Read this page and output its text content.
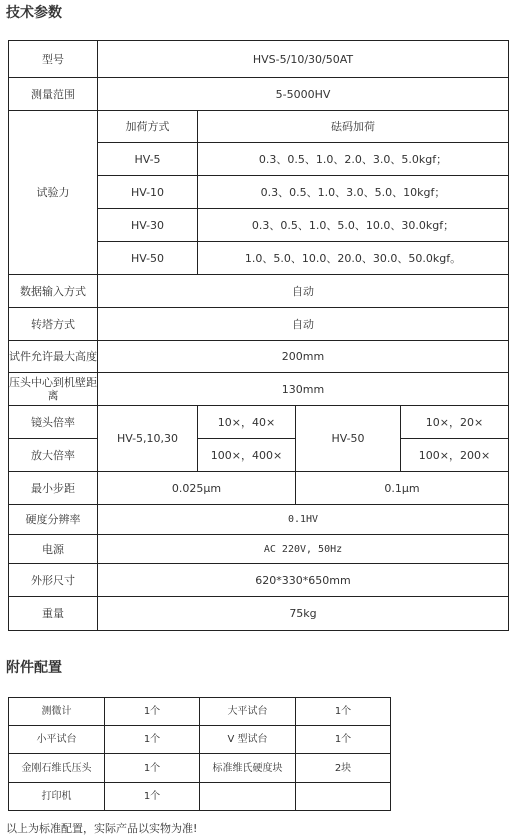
技术参数
型号	HVS-5/10/30/50AT			
测量范围	5-5000HV			
试验力	加荷方式	砝码加荷		
	HV-5	0.3、0.5、1.0、2.0、3.0、5.0kgf；		
	HV-10	0.3、0.5、1.0、3.0、5.0、10kgf；		
	HV-30	0.3、0.5、1.0、5.0、10.0、30.0kgf；		
	HV-50	1.0、5.0、10.0、20.0、30.0、50.0kgf。		
数据输入方式	自动			
转塔方式	自动			
试件允许最大高度	200mm			
压头中心到机壁距离	130mm			
镜头倍率	HV-5,10,30	10×，40×	HV-50	10×，20×
放大倍率		100×，400×		100×，200×
最小步距	0.025μm		0.1μm	
硬度分辨率	0.1HV			
电源	AC 220V, 50Hz			
外形尺寸	620*330*650mm			
重量	75kg			
附件配置
测微计	1个	大平试台	1个
小平试台	1个	V 型试台	1个
金刚石维氏压头	1个	标准维氏硬度块	2块
打印机	1个		
以上为标准配置，实际产品以实物为准!
